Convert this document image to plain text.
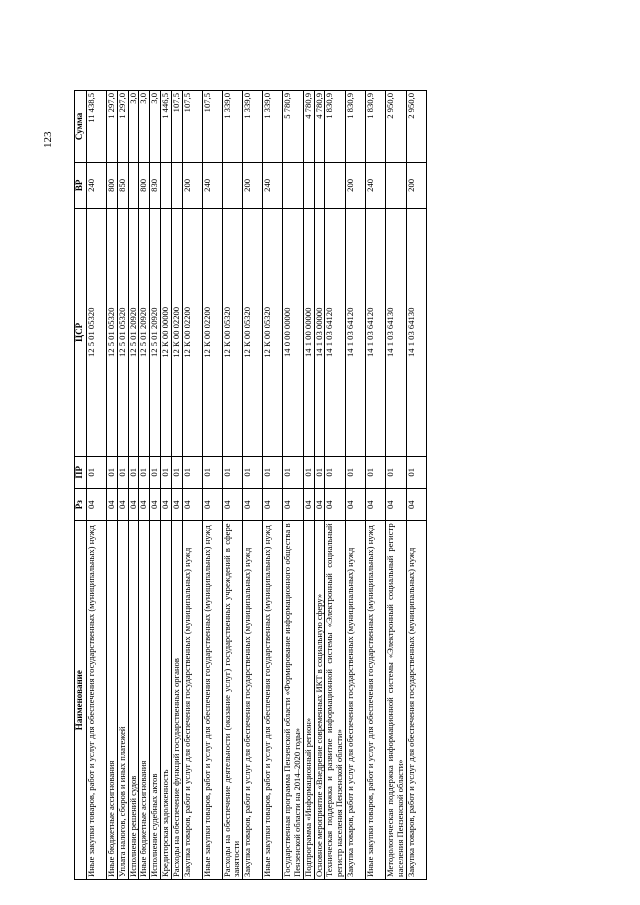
123
Наименование	Рз	ПР	ЦСР	ВР	Сумма
Иные закупки товаров, работ и услуг для обеспечения государственных (муниципальных) нужд	04	01	12 5 01 05320	240	11 438,5
Иные бюджетные ассигнования	04	01	12 5 01 05320	800	1 297,0
Уплата налогов, сборов и иных платежей	04	01	12 5 01 05320	850	1 297,0
Исполнение решений судов	04	01	12 5 01 20920		3,0
Иные бюджетные ассигнования	04	01	12 5 01 20920	800	3,0
Исполнение судебных актов	04	01	12 5 01 20920	830	3,0
Кредиторская задолженность	04	01	12 К 00 00000		1 446,5
Расходы на обеспечение функций государственных органов	04	01	12 К 00 02200		107,5
Закупка товаров, работ и услуг для обеспечения государственных (муниципальных) нужд	04	01	12 К 00 02200	200	107,5
Иные закупки товаров, работ и услуг для обеспечения государственных (муниципальных) нужд	04	01	12 К 00 02200	240	107,5
Расходы на обеспечение деятельности (оказание услуг) государственных учреждений в сфере занятости	04	01	12 К 00 05320		1 339,0
Закупка товаров, работ и услуг для обеспечения государственных (муниципальных) нужд	04	01	12 К 00 05320	200	1 339,0
Иные закупки товаров, работ и услуг для обеспечения государственных (муниципальных) нужд	04	01	12 К 00 05320	240	1 339,0
Государственная программа Пензенской области «Формирование информационного общества в Пензенской области на 2014–2020 годы»	04	01	14 0 00 00000		5 780,9
Подпрограмма «Информационный регион»	04	01	14 1 00 00000		4 780,9
Основное мероприятие «Внедрение современных ИКТ в социальную сферу»	04	01	14 1 03 00000		4 780,9
Техническая поддержка и развитие информационной системы «Электронный социальный регистр населения Пензенской области»	04	01	14 1 03 64120		1 830,9
Закупка товаров, работ и услуг для обеспечения государственных (муниципальных) нужд	04	01	14 1 03 64120	200	1 830,9
Иные закупки товаров, работ и услуг для обеспечения государственных (муниципальных) нужд	04	01	14 1 03 64120	240	1 830,9
Методологическая поддержка информационной системы «Электронный социальный регистр населения Пензенской области»	04	01	14 1 03 64130		2 950,0
Закупка товаров, работ и услуг для обеспечения государственных (муниципальных) нужд	04	01	14 1 03 64130	200	2 950,0
